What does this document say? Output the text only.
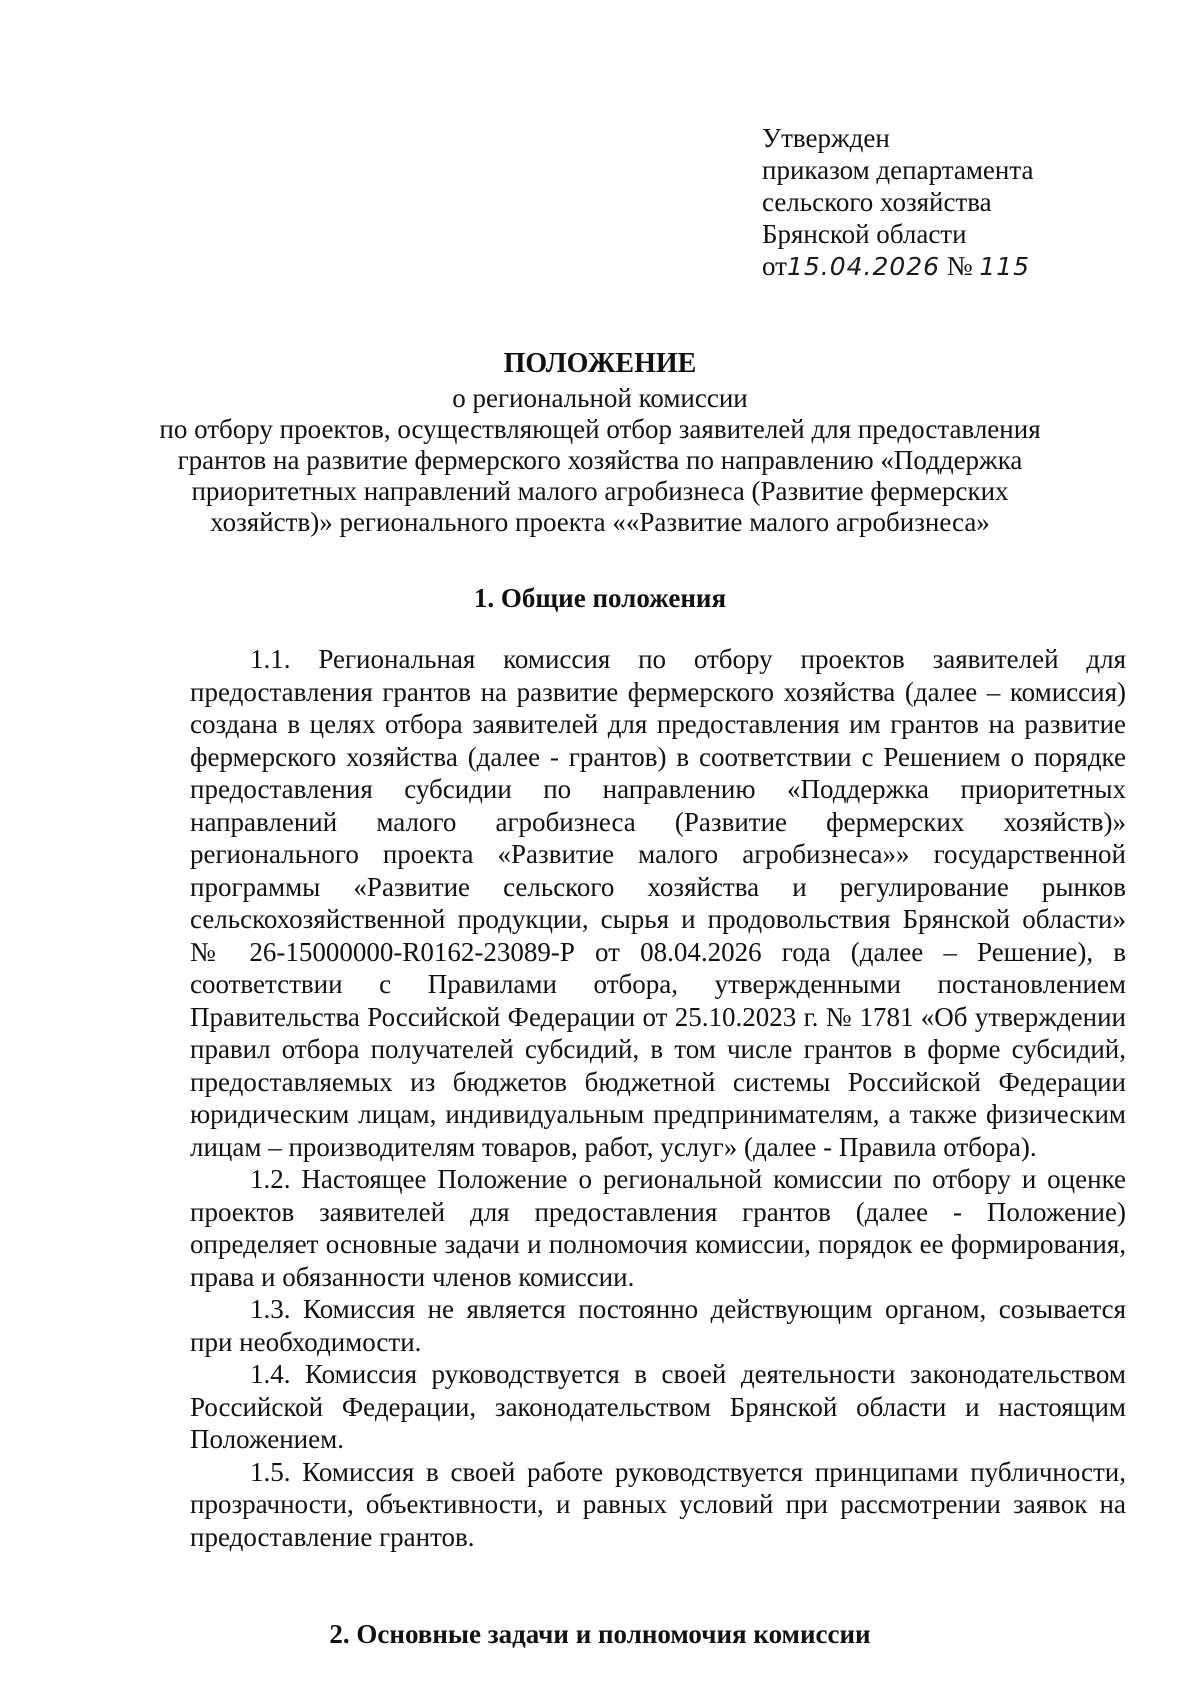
Утвержден
приказом департамента
сельского хозяйства
Брянской области
от15.04.2026 № 115
ПОЛОЖЕНИЕ
о региональной комиссии
по отбору проектов, осуществляющей отбор заявителей для предоставления
грантов на развитие фермерского хозяйства по направлению «Поддержка
приоритетных направлений малого агробизнеса (Развитие фермерских
хозяйств)» регионального проекта ««Развитие малого агробизнеса»
1. Общие положения

1.1. Региональная комиссия по отбору проектов заявителей для предоставления грантов на развитие фермерского хозяйства (далее – комиссия) создана в целях отбора заявителей для предоставления им грантов на развитие фермерского хозяйства (далее - грантов) в соответствии с Решением о порядке предоставления субсидии по направлению «Поддержка приоритетных направлений малого агробизнеса (Развитие фермерских хозяйств)» регионального проекта «Развитие малого агробизнеса»» государственной программы «Развитие сельского хозяйства и регулирование рынков сельскохозяйственной продукции, сырья и продовольствия Брянской области» № 26-15000000-R0162-23089-Р от 08.04.2026 года (далее – Решение), в соответствии с Правилами отбора, утвержденными постановлением Правительства Российской Федерации от 25.10.2023 г. № 1781 «Об утверждении правил отбора получателей субсидий, в том числе грантов в форме субсидий, предоставляемых из бюджетов бюджетной системы Российской Федерации юридическим лицам, индивидуальным предпринимателям, а также физическим лицам – производителям товаров, работ, услуг» (далее - Правила отбора).

1.2. Настоящее Положение о региональной комиссии по отбору и оценке проектов заявителей для предоставления грантов (далее - Положение) определяет основные задачи и полномочия комиссии, порядок ее формирования, права и обязанности членов комиссии.

1.3. Комиссия не является постоянно действующим органом, созывается при необходимости.

1.4. Комиссия руководствуется в своей деятельности законодательством Российской Федерации, законодательством Брянской области и настоящим Положением.

1.5. Комиссия в своей работе руководствуется принципами публичности, прозрачности, объективности, и равных условий при рассмотрении заявок на предоставление грантов.

2. Основные задачи и полномочия комиссии
